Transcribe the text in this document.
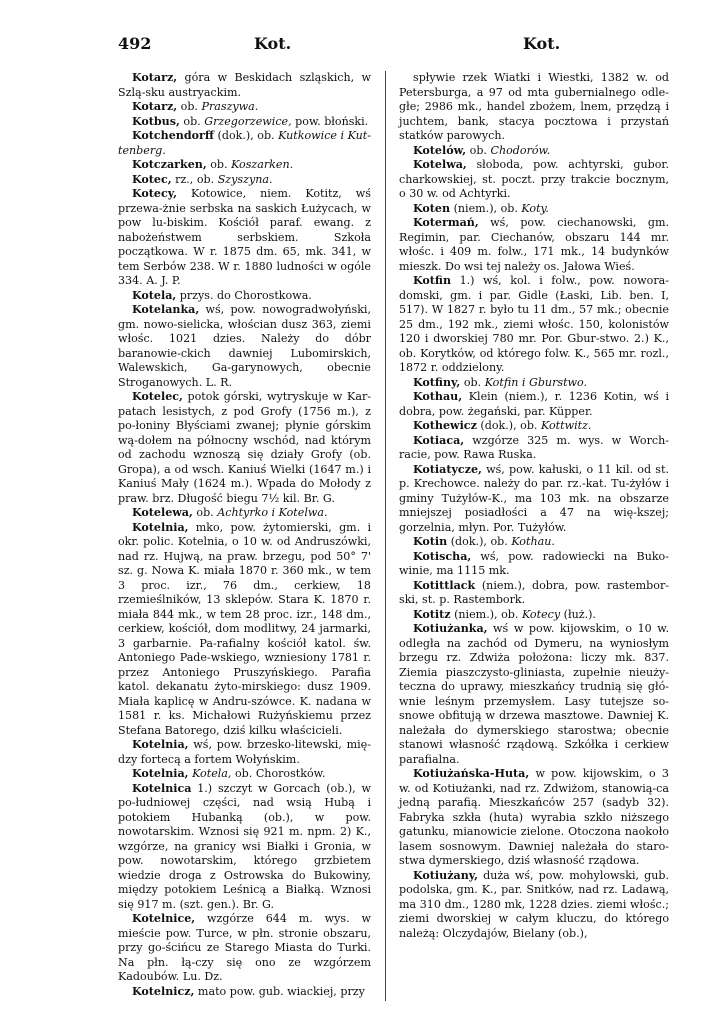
492	Kot.	Kot.

Kotarz, góra w Beskidach szląskich, w Szlą-sku austryackim.

Kotarz, ob. Praszywa.

Kotbus, ob. Grzegorzewice, pow. błoński.

Kotchendorff (dok.), ob. Kutkowice i Kut-tenberg.

Kotczarken, ob. Koszarken.

Kotec, rz., ob. Szyszyna.

Kotecy, Kotowice, niem. Kotitz, wś przewa-żnie serbska na saskich Łużycach, w pow lu-biskim. Kościół paraf. ewang. z nabożeństwem serbskiem. Szkoła początkowa. W r. 1875 dm. 65, mk. 341, w tem Serbów 238. W r. 1880 ludności w ogóle 334. A. J. P.

Kotela, przys. do Chorostkowa.

Kotelanka, wś, pow. nowogradwołyński, gm. nowo-sielicka, włościan dusz 363, ziemi włośc. 1021 dzies. Należy do dóbr baranowie-ckich dawniej Lubomirskich, Walewskich, Ga-garynowych, obecnie Stroganowych. L. R.

Kotelec, potok górski, wytryskuje w Kar-patach lesistych, z pod Grofy (1756 m.), z po-łoniny Błyściami zwanej; płynie górskim wą-dołem na północny wschód, nad którym od zachodu wznoszą się działy Grofy (ob. Gropa), a od wsch. Kaniuś Wielki (1647 m.) i Kaniuś Mały (1624 m.). Wpada do Mołody z praw. brz. Długość biegu 7½ kil. Br. G.

Kotelewa, ob. Achtyrko i Kotelwa.

Kotelnia, mko, pow. żytomierski, gm. i okr. polic. Kotelnia, o 10 w. od Andruszówki, nad rz. Hujwą, na praw. brzegu, pod 50° 7' sz. g. Nowa K. miała 1870 r. 360 mk., w tem 3 proc. izr., 76 dm., cerkiew, 18 rzemieślników, 13 sklepów. Stara K. 1870 r. miała 844 mk., w tem 28 proc. izr., 148 dm., cerkiew, kościół, dom modlitwy, 24 jarmarki, 3 garbarnie. Pa-rafialny kościół katol. św. Antoniego Pade-wskiego, wzniesiony 1781 r. przez Antoniego Pruszyńskiego. Parafia katol. dekanatu żyto-mirskiego: dusz 1909. Miała kaplicę w Andru-szówce. K. nadana w 1581 r. ks. Michałowi Rużyńskiemu przez Stefana Batorego, dziś kilku właścicieli.

Kotelnia, wś, pow. brzesko-litewski, mię-dzy fortecą a fortem Wołyńskim.

Kotelnia, Kotela, ob. Chorostków.

Kotelnica 1.) szczyt w Gorcach (ob.), w po-łudniowej części, nad wsią Hubą i potokiem Hubanką (ob.), w pow. nowotarskim. Wznosi się 921 m. npm. 2) K., wzgórze, na granicy wsi Białki i Gronia, w pow. nowotarskim, którego grzbietem wiedzie droga z Ostrowska do Bukowiny, między potokiem Leśnicą a Białką. Wznosi się 917 m. (szt. gen.). Br. G.

Kotelnice, wzgórze 644 m. wys. w mieście pow. Turce, w płn. stronie obszaru, przy go-ścińcu ze Starego Miasta do Turki. Na płn. łą-czy się ono ze wzgórzem Kadoubów. Lu. Dz.

Kotelnicz, mato pow. gub. wiackiej, przy

spływie rzek Wiatki i Wiestki, 1382 w. od Petersburga, a 97 od mta gubernialnego odle-głe; 2986 mk., handel zbożem, lnem, przędzą i juchtem, bank, stacya pocztowa i przystań statków parowych.

Kotelów, ob. Chodorów.

Kotelwa, słoboda, pow. achtyrski, gubor. charkowskiej, st. poczt. przy trakcie bocznym, o 30 w. od Achtyrki.

Koten (niem.), ob. Koty.

Kotermań, wś, pow. ciechanowski, gm. Regimin, par. Ciechanów, obszaru 144 mr. włośc. i 409 m. folw., 171 mk., 14 budynków mieszk. Do wsi tej należy os. Jałowa Wieś.

Kotfin 1.) wś, kol. i folw., pow. nowora-domski, gm. i par. Gidle (Łaski, Lib. ben. I, 517). W 1827 r. było tu 11 dm., 57 mk.; obecnie 25 dm., 192 mk., ziemi włośc. 150, kolonistów 120 i dworskiej 780 mr. Por. Gbur-stwo. 2.) K., ob. Korytków, od którego folw. K., 565 mr. rozl., 1872 r. oddzielony.

Kotfiny, ob. Kotfin i Gburstwo.

Kothau, Klein (niem.), r. 1236 Kotin, wś i dobra, pow. żegański, par. Küpper.

Kothewicz (dok.), ob. Kottwitz.

Kotiaca, wzgórze 325 m. wys. w Worch-racie, pow. Rawa Ruska.

Kotiatycze, wś, pow. kałuski, o 11 kil. od st. p. Krechowce. należy do par. rz.-kat. Tu-żyłów i gminy Tużyłów-K., ma 103 mk. na obszarze mniejszej posiadłości a 47 na wię-kszej; gorzelnia, młyn. Por. Tużyłów.

Kotin (dok.), ob. Kothau.

Kotischa, wś, pow. radowiecki na Buko-winie, ma 1115 mk.

Kotittlack (niem.), dobra, pow. rastembor-ski, st. p. Rastembork.

Kotitz (niem.), ob. Kotecy (łuż.).

Kotiużanka, wś w pow. kijowskim, o 10 w. odległa na zachód od Dymeru, na wyniosłym brzegu rz. Zdwiża położona: liczy mk. 837. Ziemia piaszczysto-gliniasta, zupełnie nieuży-teczna do uprawy, mieszkańcy trudnią się głó-wnie leśnym przemysłem. Lasy tutejsze so-snowe obfitują w drzewa masztowe. Dawniej K. należała do dymerskiego starostwa; obecnie stanowi własność rządową. Szkółka i cerkiew parafialna.

Kotiużańska-Huta, w pow. kijowskim, o 3 w. od Kotiużanki, nad rz. Zdwiżom, stanowią-ca jedną parafią. Mieszkańców 257 (sadyb 32). Fabryka szkła (huta) wyrabia szkło niższego gatunku, mianowicie zielone. Otoczona naokoło lasem sosnowym. Dawniej należała do staro-stwa dymerskiego, dziś własność rządowa.

Kotiużany, duża wś, pow. mohylowski, gub. podolska, gm. K., par. Snitków, nad rz. Ladawą, ma 310 dm., 1280 mk, 1228 dzies. ziemi włośc.; ziemi dworskiej w całym kluczu, do którego należą: Olczydajów, Bielany (ob.),
